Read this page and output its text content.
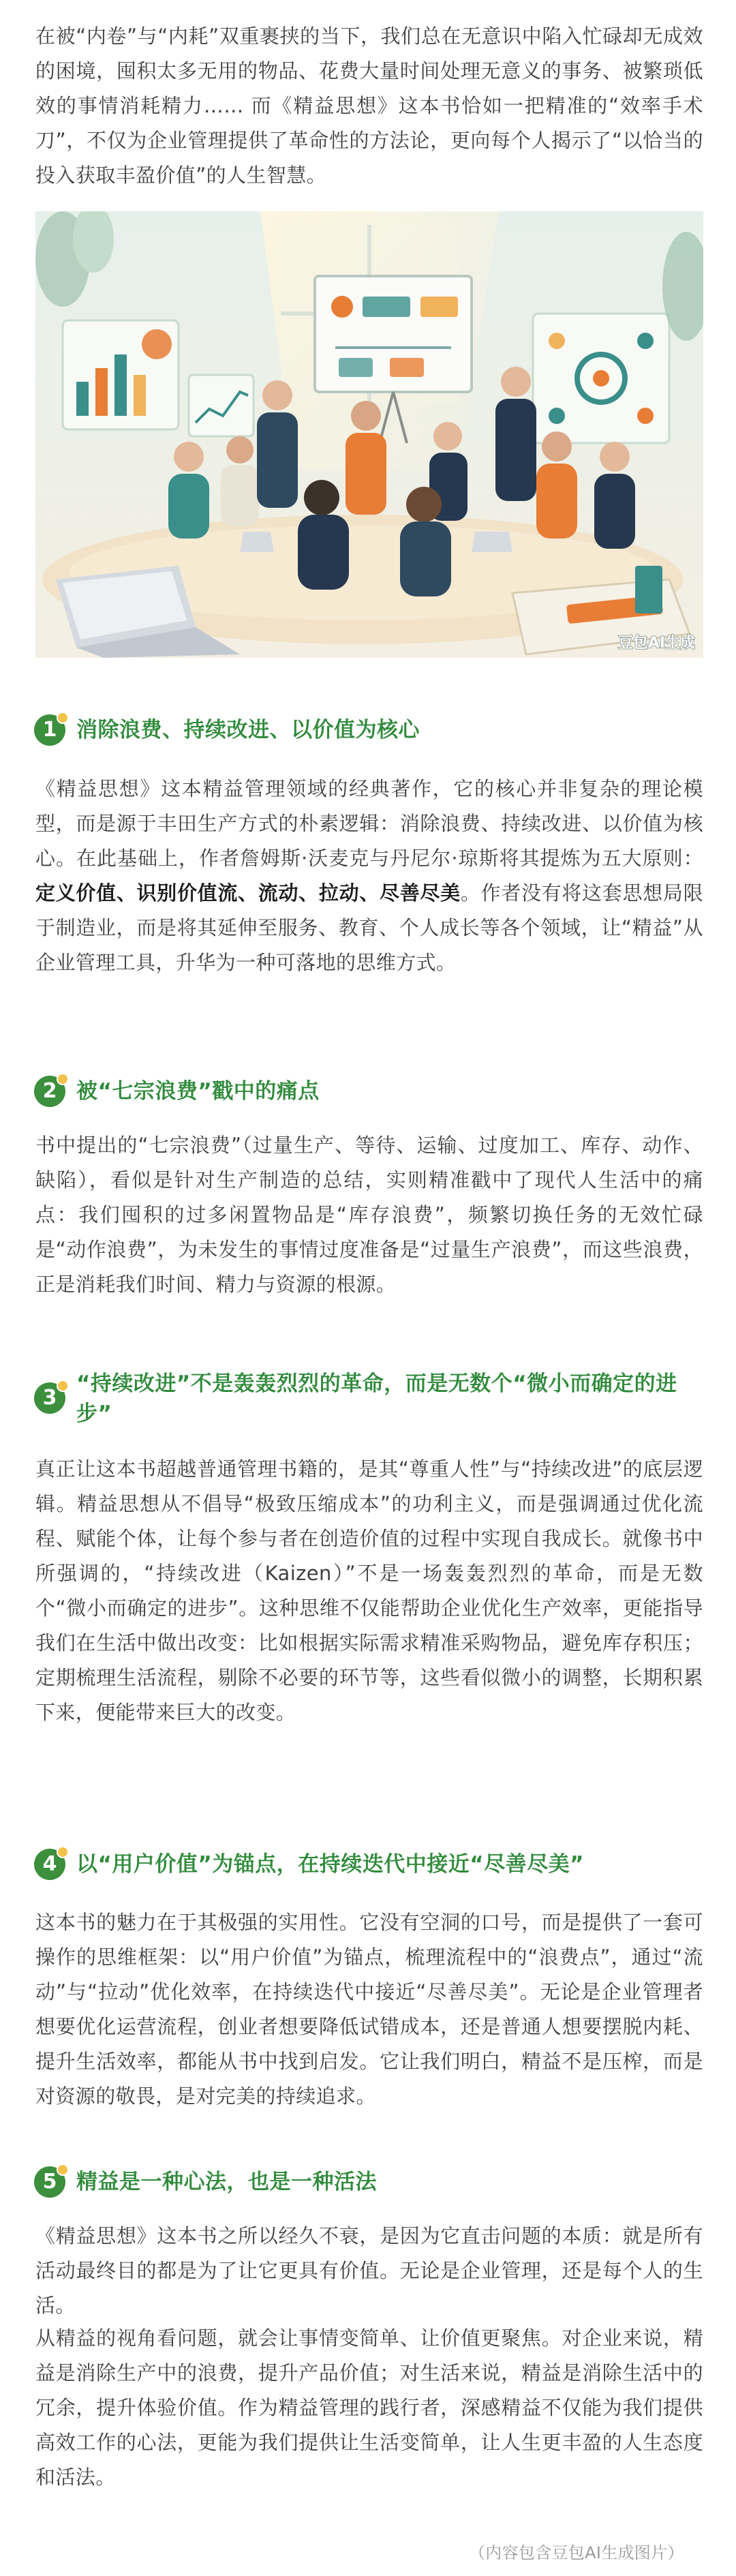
在被“内卷”与“内耗”双重裹挟的当下，我们总在无意识中陷入忙碌却无成效的困境，囤积太多无用的物品、花费大量时间处理无意义的事务、被繁琐低效的事情消耗精力…… 而《精益思想》这本书恰如一把精准的“效率手术刀”，不仅为企业管理提供了革命性的方法论，更向每个人揭示了“以恰当的投入获取丰盈价值”的人生智慧。

豆包AI生成
1 消除浪费、持续改进、以价值为核心

《精益思想》这本精益管理领域的经典著作，它的核心并非复杂的理论模型，而是源于丰田生产方式的朴素逻辑：消除浪费、持续改进、以价值为核心。在此基础上，作者詹姆斯·沃麦克与丹尼尔·琼斯将其提炼为五大原则：定义价值、识别价值流、流动、拉动、尽善尽美。作者没有将这套思想局限于制造业，而是将其延伸至服务、教育、个人成长等各个领域，让“精益”从企业管理工具，升华为一种可落地的思维方式。

2 被“七宗浪费”戳中的痛点

书中提出的“七宗浪费”（过量生产、等待、运输、过度加工、库存、动作、缺陷），看似是针对生产制造的总结，实则精准戳中了现代人生活中的痛点：我们囤积的过多闲置物品是“库存浪费”，频繁切换任务的无效忙碌是“动作浪费”，为未发生的事情过度准备是“过量生产浪费”，而这些浪费，正是消耗我们时间、精力与资源的根源。

3
“持续改进”不是轰轰烈烈的革命，而是无数个“微小而确定的进步”

真正让这本书超越普通管理书籍的，是其“尊重人性”与“持续改进”的底层逻辑。精益思想从不倡导“极致压缩成本”的功利主义，而是强调通过优化流程、赋能个体，让每个参与者在创造价值的过程中实现自我成长。就像书中所强调的，“持续改进（Kaizen）”不是一场轰轰烈烈的革命，而是无数个“微小而确定的进步”。这种思维不仅能帮助企业优化生产效率，更能指导我们在生活中做出改变：比如根据实际需求精准采购物品，避免库存积压；定期梳理生活流程，剔除不必要的环节等，这些看似微小的调整，长期积累下来，便能带来巨大的改变。

4 以“用户价值”为锚点，在持续迭代中接近“尽善尽美”

这本书的魅力在于其极强的实用性。它没有空洞的口号，而是提供了一套可操作的思维框架：以“用户价值”为锚点，梳理流程中的“浪费点”，通过“流动”与“拉动”优化效率，在持续迭代中接近“尽善尽美”。无论是企业管理者想要优化运营流程，创业者想要降低试错成本，还是普通人想要摆脱内耗、提升生活效率，都能从书中找到启发。它让我们明白，精益不是压榨，而是对资源的敬畏，是对完美的持续追求。

5 精益是一种心法，也是一种活法

《精益思想》这本书之所以经久不衰，是因为它直击问题的本质：就是所有活动最终目的都是为了让它更具有价值。无论是企业管理，还是每个人的生活。

从精益的视角看问题，就会让事情变简单、让价值更聚焦。对企业来说，精益是消除生产中的浪费，提升产品价值；对生活来说，精益是消除生活中的冗余，提升体验价值。作为精益管理的践行者，深感精益不仅能为我们提供高效工作的心法，更能为我们提供让生活变简单，让人生更丰盈的人生态度和活法。

（内容包含豆包AI生成图片）
